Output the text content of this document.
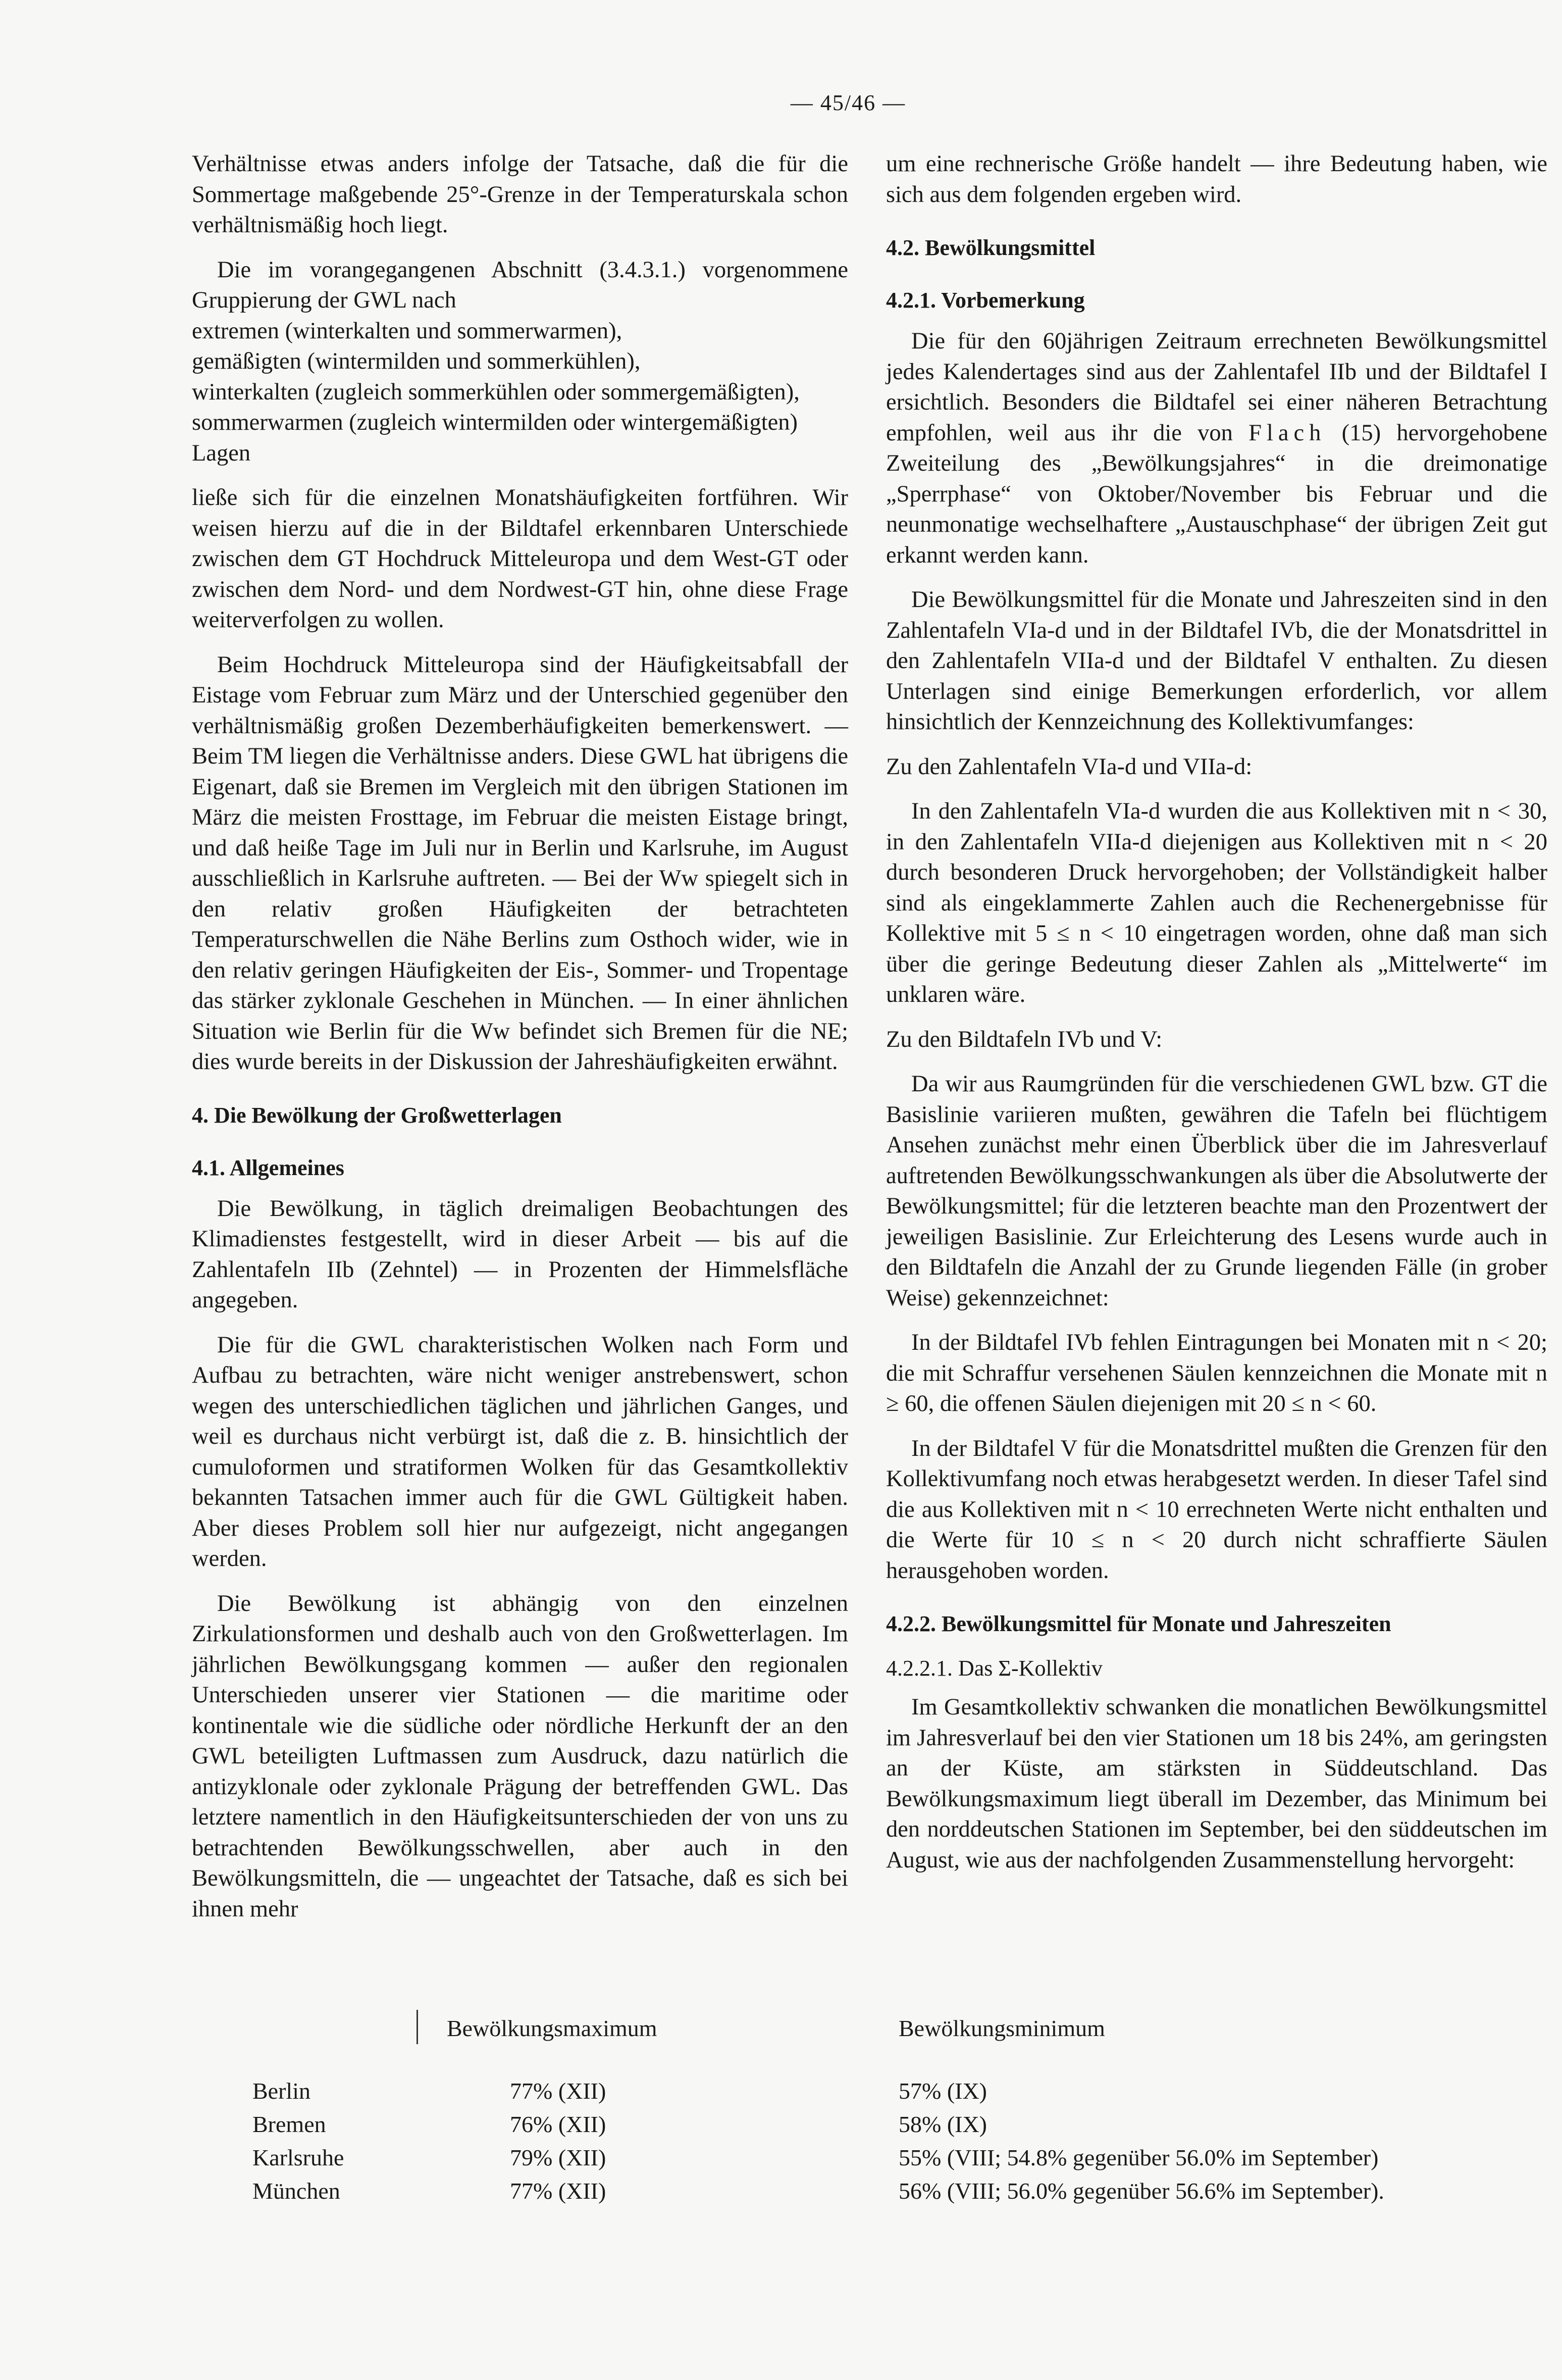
— 45/46 —

Verhältnisse etwas anders infolge der Tatsache, daß die für die Sommertage maßgebende 25°-Grenze in der Temperaturskala schon verhältnismäßig hoch liegt.

Die im vorangegangenen Abschnitt (3.4.3.1.) vorgenommene Gruppierung der GWL nach

extremen (winterkalten und sommerwarmen),

gemäßigten (wintermilden und sommerkühlen),

winterkalten (zugleich sommerkühlen oder sommergemäßigten),

sommerwarmen (zugleich wintermilden oder wintergemäßigten) Lagen

ließe sich für die einzelnen Monatshäufigkeiten fortführen. Wir weisen hierzu auf die in der Bildtafel erkennbaren Unterschiede zwischen dem GT Hochdruck Mitteleuropa und dem West-GT oder zwischen dem Nord- und dem Nordwest-GT hin, ohne diese Frage weiterverfolgen zu wollen.

Beim Hochdruck Mitteleuropa sind der Häufigkeitsabfall der Eistage vom Februar zum März und der Unterschied gegenüber den verhältnismäßig großen Dezemberhäufigkeiten bemerkenswert. — Beim TM liegen die Verhältnisse anders. Diese GWL hat übrigens die Eigenart, daß sie Bremen im Vergleich mit den übrigen Stationen im März die meisten Frosttage, im Februar die meisten Eistage bringt, und daß heiße Tage im Juli nur in Berlin und Karlsruhe, im August ausschließlich in Karlsruhe auftreten. — Bei der Ww spiegelt sich in den relativ großen Häufigkeiten der betrachteten Temperaturschwellen die Nähe Berlins zum Osthoch wider, wie in den relativ geringen Häufigkeiten der Eis-, Sommer- und Tropentage das stärker zyklonale Geschehen in München. — In einer ähnlichen Situation wie Berlin für die Ww befindet sich Bremen für die NE; dies wurde bereits in der Diskussion der Jahreshäufigkeiten erwähnt.

4. Die Bewölkung der Großwetterlagen
4.1. Allgemeines

Die Bewölkung, in täglich dreimaligen Beobachtungen des Klimadienstes festgestellt, wird in dieser Arbeit — bis auf die Zahlentafeln IIb (Zehntel) — in Prozenten der Himmelsfläche angegeben.

Die für die GWL charakteristischen Wolken nach Form und Aufbau zu betrachten, wäre nicht weniger anstrebenswert, schon wegen des unterschiedlichen täglichen und jährlichen Ganges, und weil es durchaus nicht verbürgt ist, daß die z. B. hinsichtlich der cumuloformen und stratiformen Wolken für das Gesamtkollektiv bekannten Tatsachen immer auch für die GWL Gültigkeit haben. Aber dieses Problem soll hier nur aufgezeigt, nicht angegangen werden.

Die Bewölkung ist abhängig von den einzelnen Zirkulationsformen und deshalb auch von den Großwetterlagen. Im jährlichen Bewölkungsgang kommen — außer den regionalen Unterschieden unserer vier Stationen — die maritime oder kontinentale wie die südliche oder nördliche Herkunft der an den GWL beteiligten Luftmassen zum Ausdruck, dazu natürlich die antizyklonale oder zyklonale Prägung der betreffenden GWL. Das letztere namentlich in den Häufigkeitsunterschieden der von uns zu betrachtenden Bewölkungsschwellen, aber auch in den Bewölkungsmitteln, die — ungeachtet der Tatsache, daß es sich bei ihnen mehr

um eine rechnerische Größe handelt — ihre Bedeutung haben, wie sich aus dem folgenden ergeben wird.

4.2. Bewölkungsmittel
4.2.1. Vorbemerkung

Die für den 60jährigen Zeitraum errechneten Bewölkungsmittel jedes Kalendertages sind aus der Zahlentafel IIb und der Bildtafel I ersichtlich. Besonders die Bildtafel sei einer näheren Betrachtung empfohlen, weil aus ihr die von Flach (15) hervorgehobene Zweiteilung des „Bewölkungsjahres“ in die dreimonatige „Sperrphase“ von Oktober/November bis Februar und die neunmonatige wechselhaftere „Austauschphase“ der übrigen Zeit gut erkannt werden kann.

Die Bewölkungsmittel für die Monate und Jahreszeiten sind in den Zahlentafeln VIa-d und in der Bildtafel IVb, die der Monatsdrittel in den Zahlentafeln VIIa-d und der Bildtafel V enthalten. Zu diesen Unterlagen sind einige Bemerkungen erforderlich, vor allem hinsichtlich der Kennzeichnung des Kollektivumfanges:

Zu den Zahlentafeln VIa-d und VIIa-d:

In den Zahlentafeln VIa-d wurden die aus Kollektiven mit n < 30, in den Zahlentafeln VIIa-d diejenigen aus Kollektiven mit n < 20 durch besonderen Druck hervorgehoben; der Vollständigkeit halber sind als eingeklammerte Zahlen auch die Rechenergebnisse für Kollektive mit 5 ≤ n < 10 eingetragen worden, ohne daß man sich über die geringe Bedeutung dieser Zahlen als „Mittelwerte“ im unklaren wäre.

Zu den Bildtafeln IVb und V:

Da wir aus Raumgründen für die verschiedenen GWL bzw. GT die Basislinie variieren mußten, gewähren die Tafeln bei flüchtigem Ansehen zunächst mehr einen Überblick über die im Jahresverlauf auftretenden Bewölkungsschwankungen als über die Absolutwerte der Bewölkungsmittel; für die letzteren beachte man den Prozentwert der jeweiligen Basislinie. Zur Erleichterung des Lesens wurde auch in den Bildtafeln die Anzahl der zu Grunde liegenden Fälle (in grober Weise) gekennzeichnet:

In der Bildtafel IVb fehlen Eintragungen bei Monaten mit n < 20; die mit Schraffur versehenen Säulen kennzeichnen die Monate mit n ≥ 60, die offenen Säulen diejenigen mit 20 ≤ n < 60.

In der Bildtafel V für die Monatsdrittel mußten die Grenzen für den Kollektivumfang noch etwas herabgesetzt werden. In dieser Tafel sind die aus Kollektiven mit n < 10 errechneten Werte nicht enthalten und die Werte für 10 ≤ n < 20 durch nicht schraffierte Säulen herausgehoben worden.

4.2.2. Bewölkungsmittel für Monate und Jahreszeiten
4.2.2.1. Das Σ-Kollektiv

Im Gesamtkollektiv schwanken die monatlichen Bewölkungsmittel im Jahresverlauf bei den vier Stationen um 18 bis 24%, am geringsten an der Küste, am stärksten in Süddeutschland. Das Bewölkungsmaximum liegt überall im Dezember, das Minimum bei den norddeutschen Stationen im September, bei den süddeutschen im August, wie aus der nachfolgenden Zusammenstellung hervorgeht:

	Bewölkungsmaximum	Bewölkungsminimum
Berlin	77% (XII)	57% (IX)
Bremen	76% (XII)	58% (IX)
Karlsruhe	79% (XII)	55% (VIII; 54.8% gegenüber 56.0% im September)
München	77% (XII)	56% (VIII; 56.0% gegenüber 56.6% im September).
